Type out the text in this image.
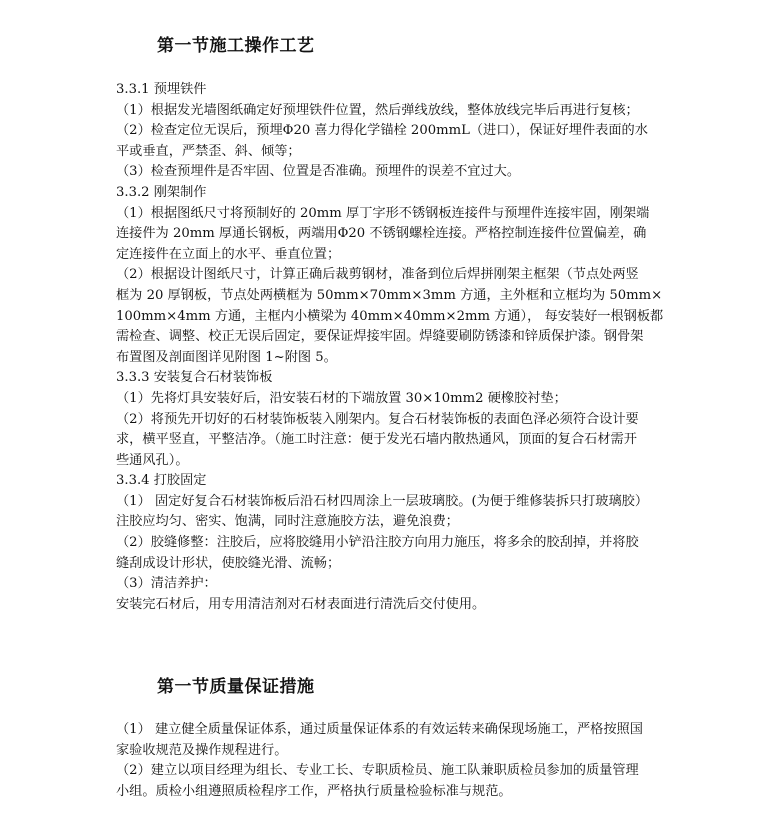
第一节施工操作工艺
3.3.1 预埋铁件
（1）根据发光墙图纸确定好预埋铁件位置，然后弹线放线，整体放线完毕后再进行复核；
（2）检查定位无误后，预埋Φ20 喜力得化学锚栓 200mmL（进口），保证好埋件表面的水
平或垂直，严禁歪、斜、倾等；
（3）检查预埋件是否牢固、位置是否准确。预埋件的误差不宜过大。
3.3.2 刚架制作
（1）根据图纸尺寸将预制好的 20mm 厚丁字形不锈钢板连接件与预埋件连接牢固，刚架端
连接件为 20mm 厚通长钢板，两端用Φ20 不锈钢螺栓连接。严格控制连接件位置偏差，确
定连接件在立面上的水平、垂直位置；
（2）根据设计图纸尺寸，计算正确后裁剪钢材，准备到位后焊拼刚架主框架（节点处两竖
框为 20 厚钢板，节点处两横框为 50mm×70mm×3mm 方通，主外框和立框均为 50mm×
100mm×4mm 方通，主框内小横梁为 40mm×40mm×2mm 方通）， 每安装好一根钢板都
需检查、调整、校正无误后固定，要保证焊接牢固。焊缝要刷防锈漆和锌质保护漆。钢骨架
布置图及剖面图详见附图 1~附图 5。
3.3.3 安装复合石材装饰板
（1）先将灯具安装好后，沿安装石材的下端放置 30×10mm2 硬橡胶衬垫；
（2）将预先开切好的石材装饰板装入刚架内。复合石材装饰板的表面色泽必须符合设计要
求，横平竖直，平整洁净。（施工时注意：便于发光石墙内散热通风，顶面的复合石材需开
些通风孔）。
3.3.4 打胶固定
（1） 固定好复合石材装饰板后沿石材四周涂上一层玻璃胶。(为便于维修装拆只打玻璃胶）
注胶应均匀、密实、饱满，同时注意施胶方法，避免浪费；
（2）胶缝修整：注胶后，应将胶缝用小铲沿注胶方向用力施压，将多余的胶刮掉，并将胶
缝刮成设计形状，使胶缝光滑、流畅；
（3）清洁养护：
安装完石材后，用专用清洁剂对石材表面进行清洗后交付使用。
第一节质量保证措施
（1） 建立健全质量保证体系，通过质量保证体系的有效运转来确保现场施工，严格按照国
家验收规范及操作规程进行。
（2）建立以项目经理为组长、专业工长、专职质检员、施工队兼职质检员参加的质量管理
小组。质检小组遵照质检程序工作，严格执行质量检验标准与规范。
